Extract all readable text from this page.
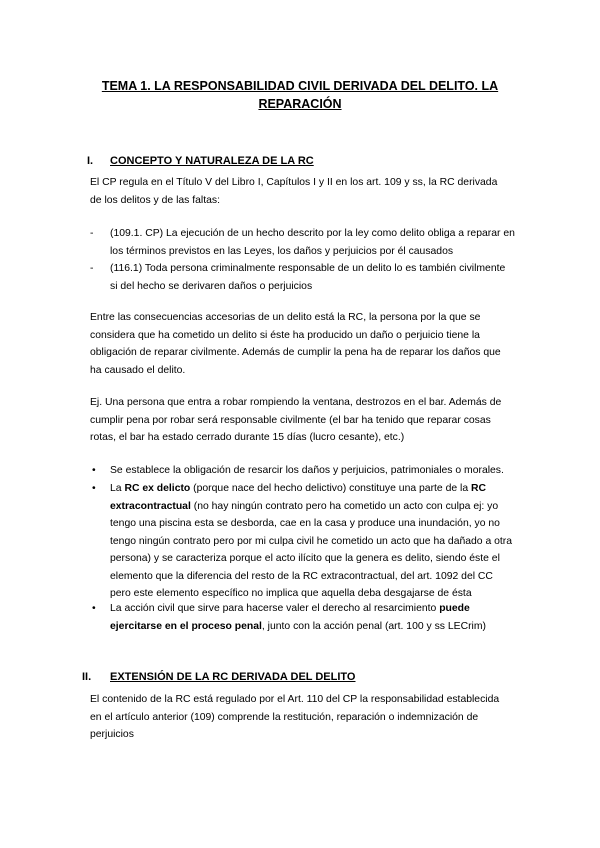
TEMA 1. LA RESPONSABILIDAD CIVIL DERIVADA DEL DELITO. LA REPARACIÓN
I. CONCEPTO Y NATURALEZA DE LA RC
El CP regula en el Título V del Libro I, Capítulos I y II en los art. 109 y ss, la RC derivada de los delitos y de las faltas:
- (109.1. CP) La ejecución de un hecho descrito por la ley como delito obliga a reparar en los términos previstos en las Leyes, los daños y perjuicios por él causados
- (116.1) Toda persona criminalmente responsable de un delito lo es también civilmente si del hecho se derivaren daños o perjuicios
Entre las consecuencias accesorias de un delito está la RC, la persona por la que se considera que ha cometido un delito si éste ha producido un daño o perjuicio tiene la obligación de reparar civilmente. Además de cumplir la pena ha de reparar los daños que ha causado el delito.
Ej. Una persona que entra a robar rompiendo la ventana, destrozos en el bar. Además de cumplir pena por robar será responsable civilmente (el bar ha tenido que reparar cosas rotas, el bar ha estado cerrado durante 15 días (lucro cesante), etc.)
• Se establece la obligación de resarcir los daños y perjuicios, patrimoniales o morales.
• La RC ex delicto (porque nace del hecho delictivo) constituye una parte de la RC extracontractual (no hay ningún contrato pero ha cometido un acto con culpa ej: yo tengo una piscina esta se desborda, cae en la casa y produce una inundación, yo no tengo ningún contrato pero por mi culpa civil he cometido un acto que ha dañado a otra persona) y se caracteriza porque el acto ilícito que la genera es delito, siendo éste el elemento que la diferencia del resto de la RC extracontractual, del art. 1092 del CC pero este elemento específico no implica que aquella deba desgajarse de ésta
• La acción civil que sirve para hacerse valer el derecho al resarcimiento puede ejercitarse en el proceso penal, junto con la acción penal (art. 100 y ss LECrim)
II. EXTENSIÓN DE LA RC DERIVADA DEL DELITO
El contenido de la RC está regulado por el Art. 110 del CP la responsabilidad establecida en el artículo anterior (109) comprende la restitución, reparación o indemnización de perjuicios
